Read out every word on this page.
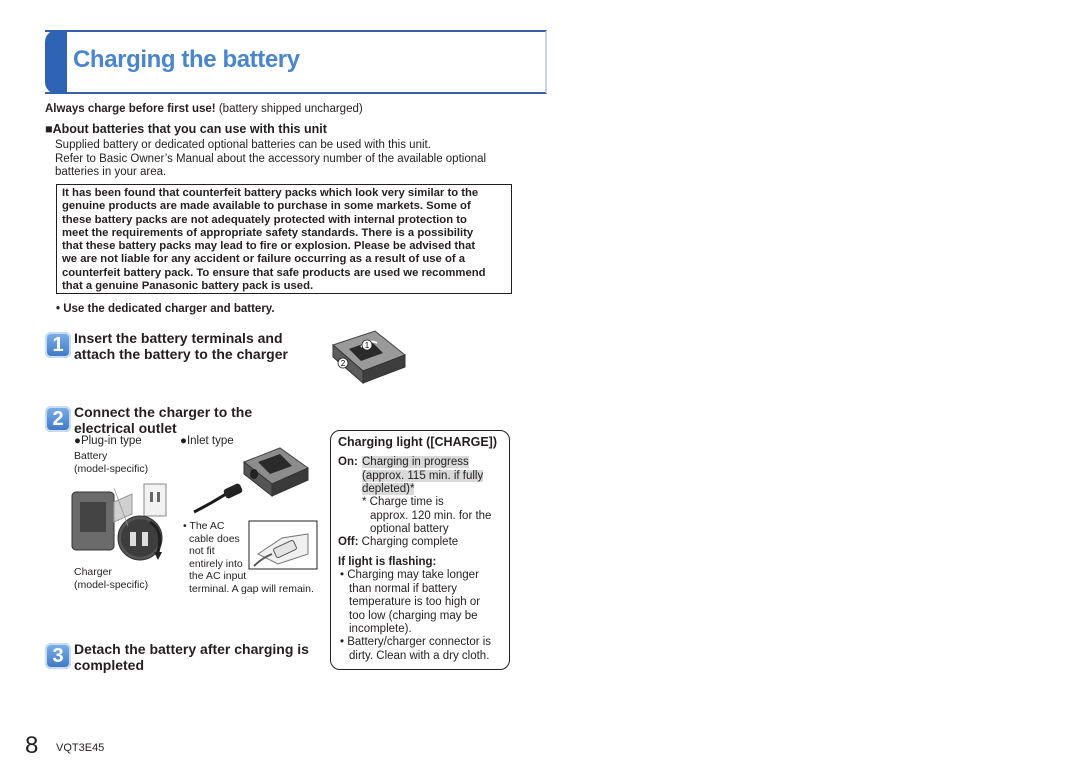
Charging the battery
Always charge before first use! (battery shipped uncharged)
■About batteries that you can use with this unit
Supplied battery or dedicated optional batteries can be used with this unit.
Refer to Basic Owner’s Manual about the accessory number of the available optional
batteries in your area.
It has been found that counterfeit battery packs which look very similar to the
genuine products are made available to purchase in some markets. Some of
these battery packs are not adequately protected with internal protection to
meet the requirements of appropriate safety standards. There is a possibility
that these battery packs may lead to fire or explosion. Please be advised that
we are not liable for any accident or failure occurring as a result of use of a
counterfeit battery pack. To ensure that safe products are used we recommend
that a genuine Panasonic battery pack is used.
• Use the dedicated charger and battery.
1 Insert the battery terminals and
attach the battery to the charger
1
2
2 Connect the charger to the
electrical outlet
●Plug-in type	●Inlet type
Battery
(model-specific)
Charger
(model-specific)
• The AC
cable does
not fit
entirely into
the AC input
terminal. A gap will remain.
3 Detach the battery after charging is
completed
Charging light ([CHARGE])
On: Charging in progress
(approx. 115 min. if fully
depleted)*
* Charge time is
approx. 120 min. for the
optional battery
Off: Charging complete
If light is flashing:
• Charging may take longer
than normal if battery
temperature is too high or
too low (charging may be
incomplete).
• Battery/charger connector is
dirty. Clean with a dry cloth.
8 VQT3E45
